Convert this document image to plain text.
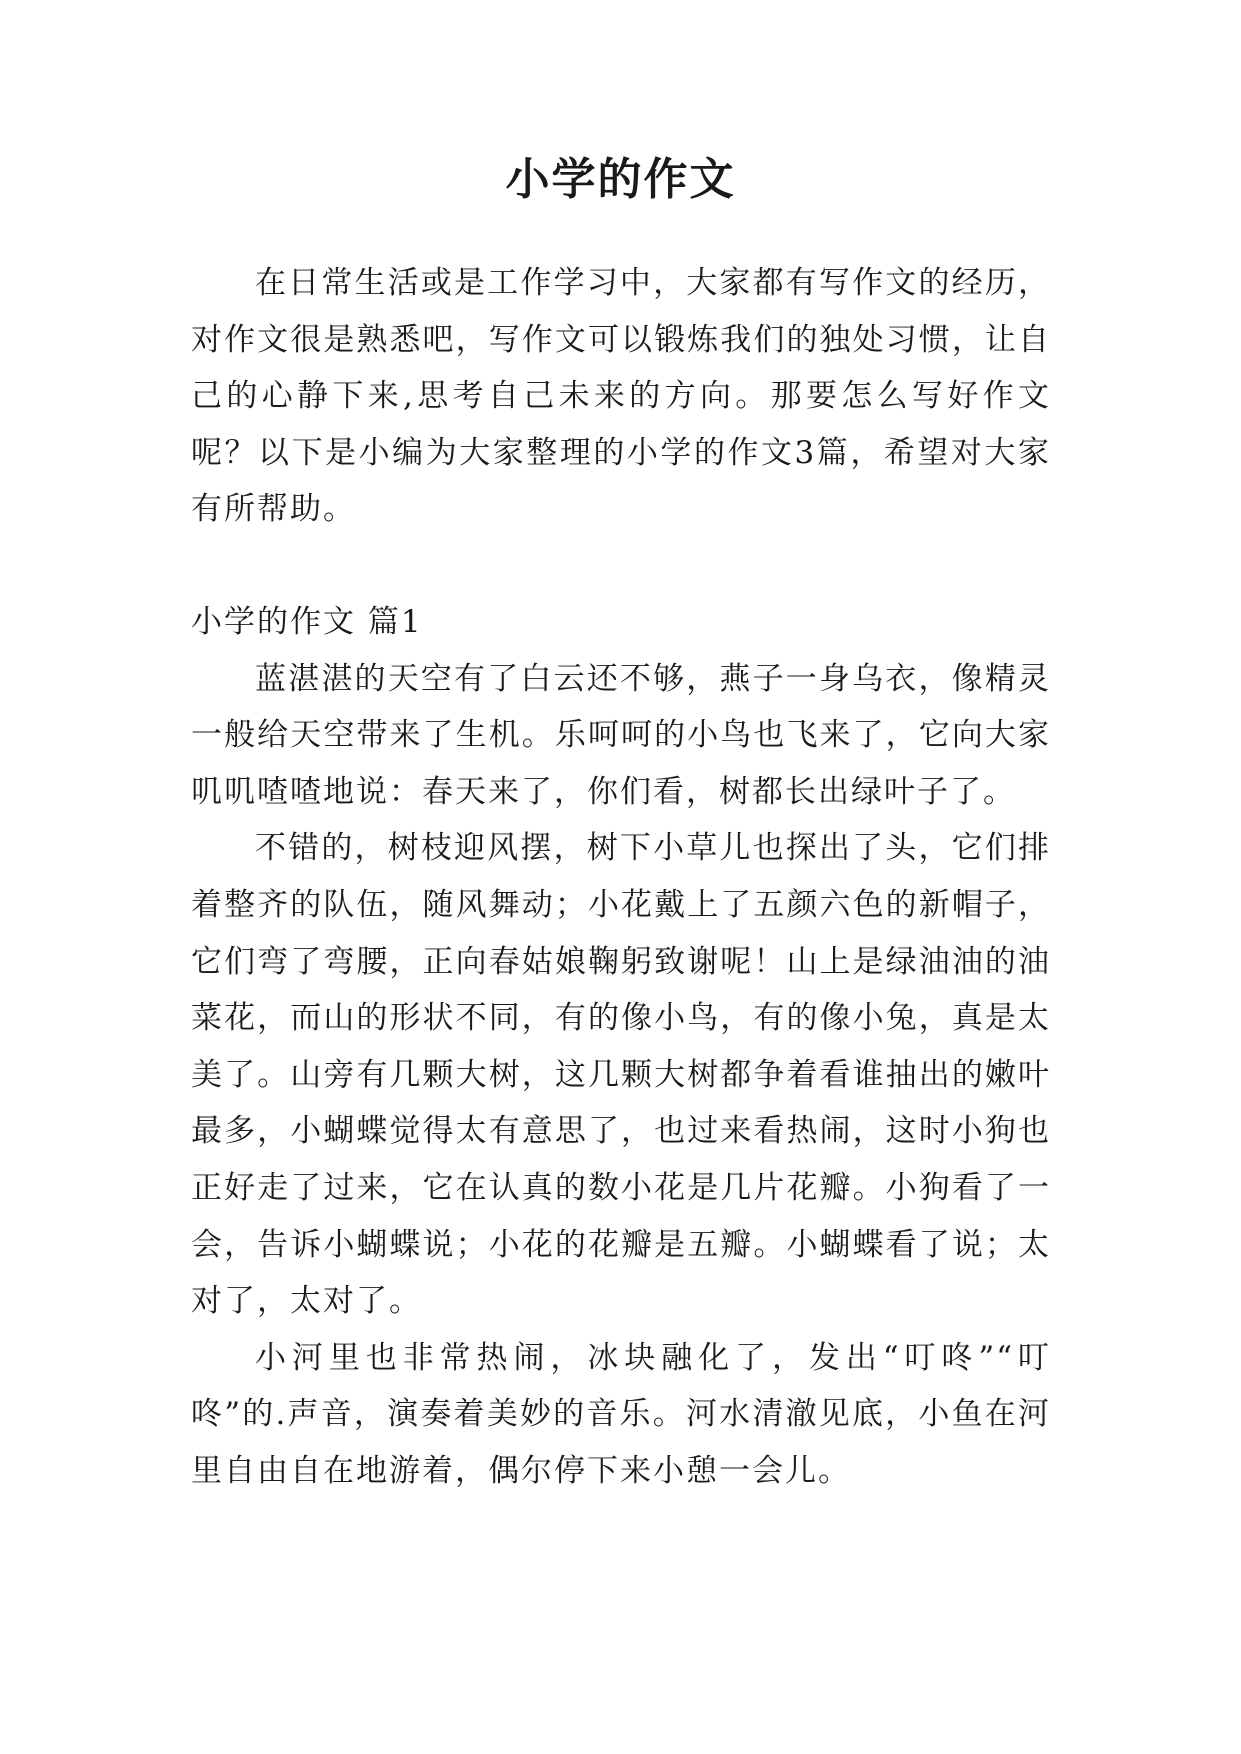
小学的作文

在日常生活或是工作学习中，大家都有写作文的经历，对作文很是熟悉吧，写作文可以锻炼我们的独处习惯，让自己的心静下来,思考自己未来的方向。那要怎么写好作文呢？以下是小编为大家整理的小学的作文3篇，希望对大家有所帮助。

小学的作文 篇1

蓝湛湛的天空有了白云还不够，燕子一身乌衣，像精灵一般给天空带来了生机。乐呵呵的小鸟也飞来了，它向大家叽叽喳喳地说：春天来了，你们看，树都长出绿叶子了。

不错的，树枝迎风摆，树下小草儿也探出了头，它们排着整齐的队伍，随风舞动；小花戴上了五颜六色的新帽子，它们弯了弯腰，正向春姑娘鞠躬致谢呢！山上是绿油油的油菜花，而山的形状不同，有的像小鸟，有的像小兔，真是太美了。山旁有几颗大树，这几颗大树都争着看谁抽出的嫩叶最多，小蝴蝶觉得太有意思了，也过来看热闹，这时小狗也正好走了过来，它在认真的数小花是几片花瓣。小狗看了一会，告诉小蝴蝶说；小花的花瓣是五瓣。小蝴蝶看了说；太对了，太对了。

小河里也非常热闹，冰块融化了，发出“叮咚”“叮咚”的.声音，演奏着美妙的音乐。河水清澈见底，小鱼在河里自由自在地游着，偶尔停下来小憩一会儿。
